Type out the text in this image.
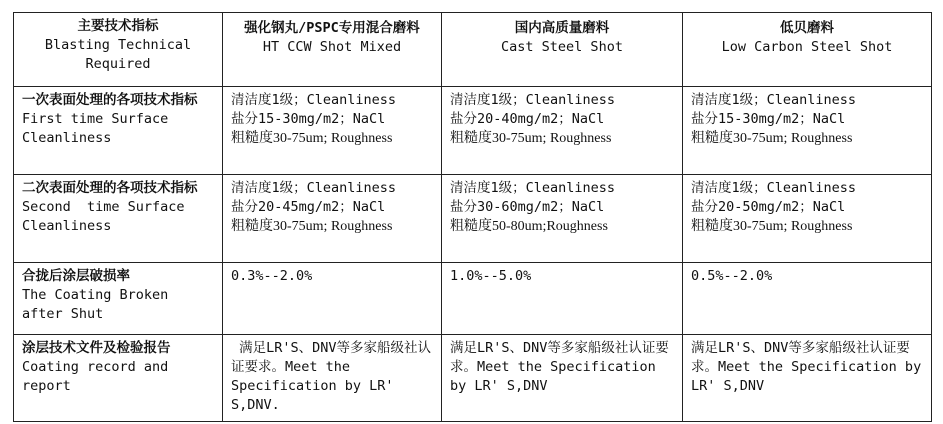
主要技术指标
Blasting Technical
Required	强化钢丸/PSPC专用混合磨料
HT CCW Shot Mixed	国内高质量磨料
Cast Steel Shot	低贝磨料
Low Carbon Steel Shot

一次表面处理的各项技术指标
First time Surface
Cleanliness	清洁度1级；Cleanliness
盐分15-30mg/m2；NaCl
粗糙度30-75um; Roughness	清洁度1级；Cleanliness
盐分20-40mg/m2；NaCl
粗糙度30-75um; Roughness	清洁度1级；Cleanliness
盐分15-30mg/m2；NaCl
粗糙度30-75um; Roughness

二次表面处理的各项技术指标
Second  time Surface
Cleanliness	清洁度1级；Cleanliness
盐分20-45mg/m2；NaCl
粗糙度30-75um; Roughness	清洁度1级；Cleanliness
盐分30-60mg/m2；NaCl
粗糙度50-80um;Roughness	清洁度1级；Cleanliness
盐分20-50mg/m2；NaCl
粗糙度30-75um; Roughness

合拢后涂层破损率
The Coating Broken
after Shut	0.3%--2.0%	1.0%--5.0%	0.5%--2.0%

涂层技术文件及检验报告
Coating record and
report	满足LR'S、DNV等多家船级社认证要求。Meet the Specification by LR' S,DNV.	满足LR'S、DNV等多家船级社认证要求。Meet the Specification by LR' S,DNV	满足LR'S、DNV等多家船级社认证要求。Meet the Specification by LR' S,DNV
